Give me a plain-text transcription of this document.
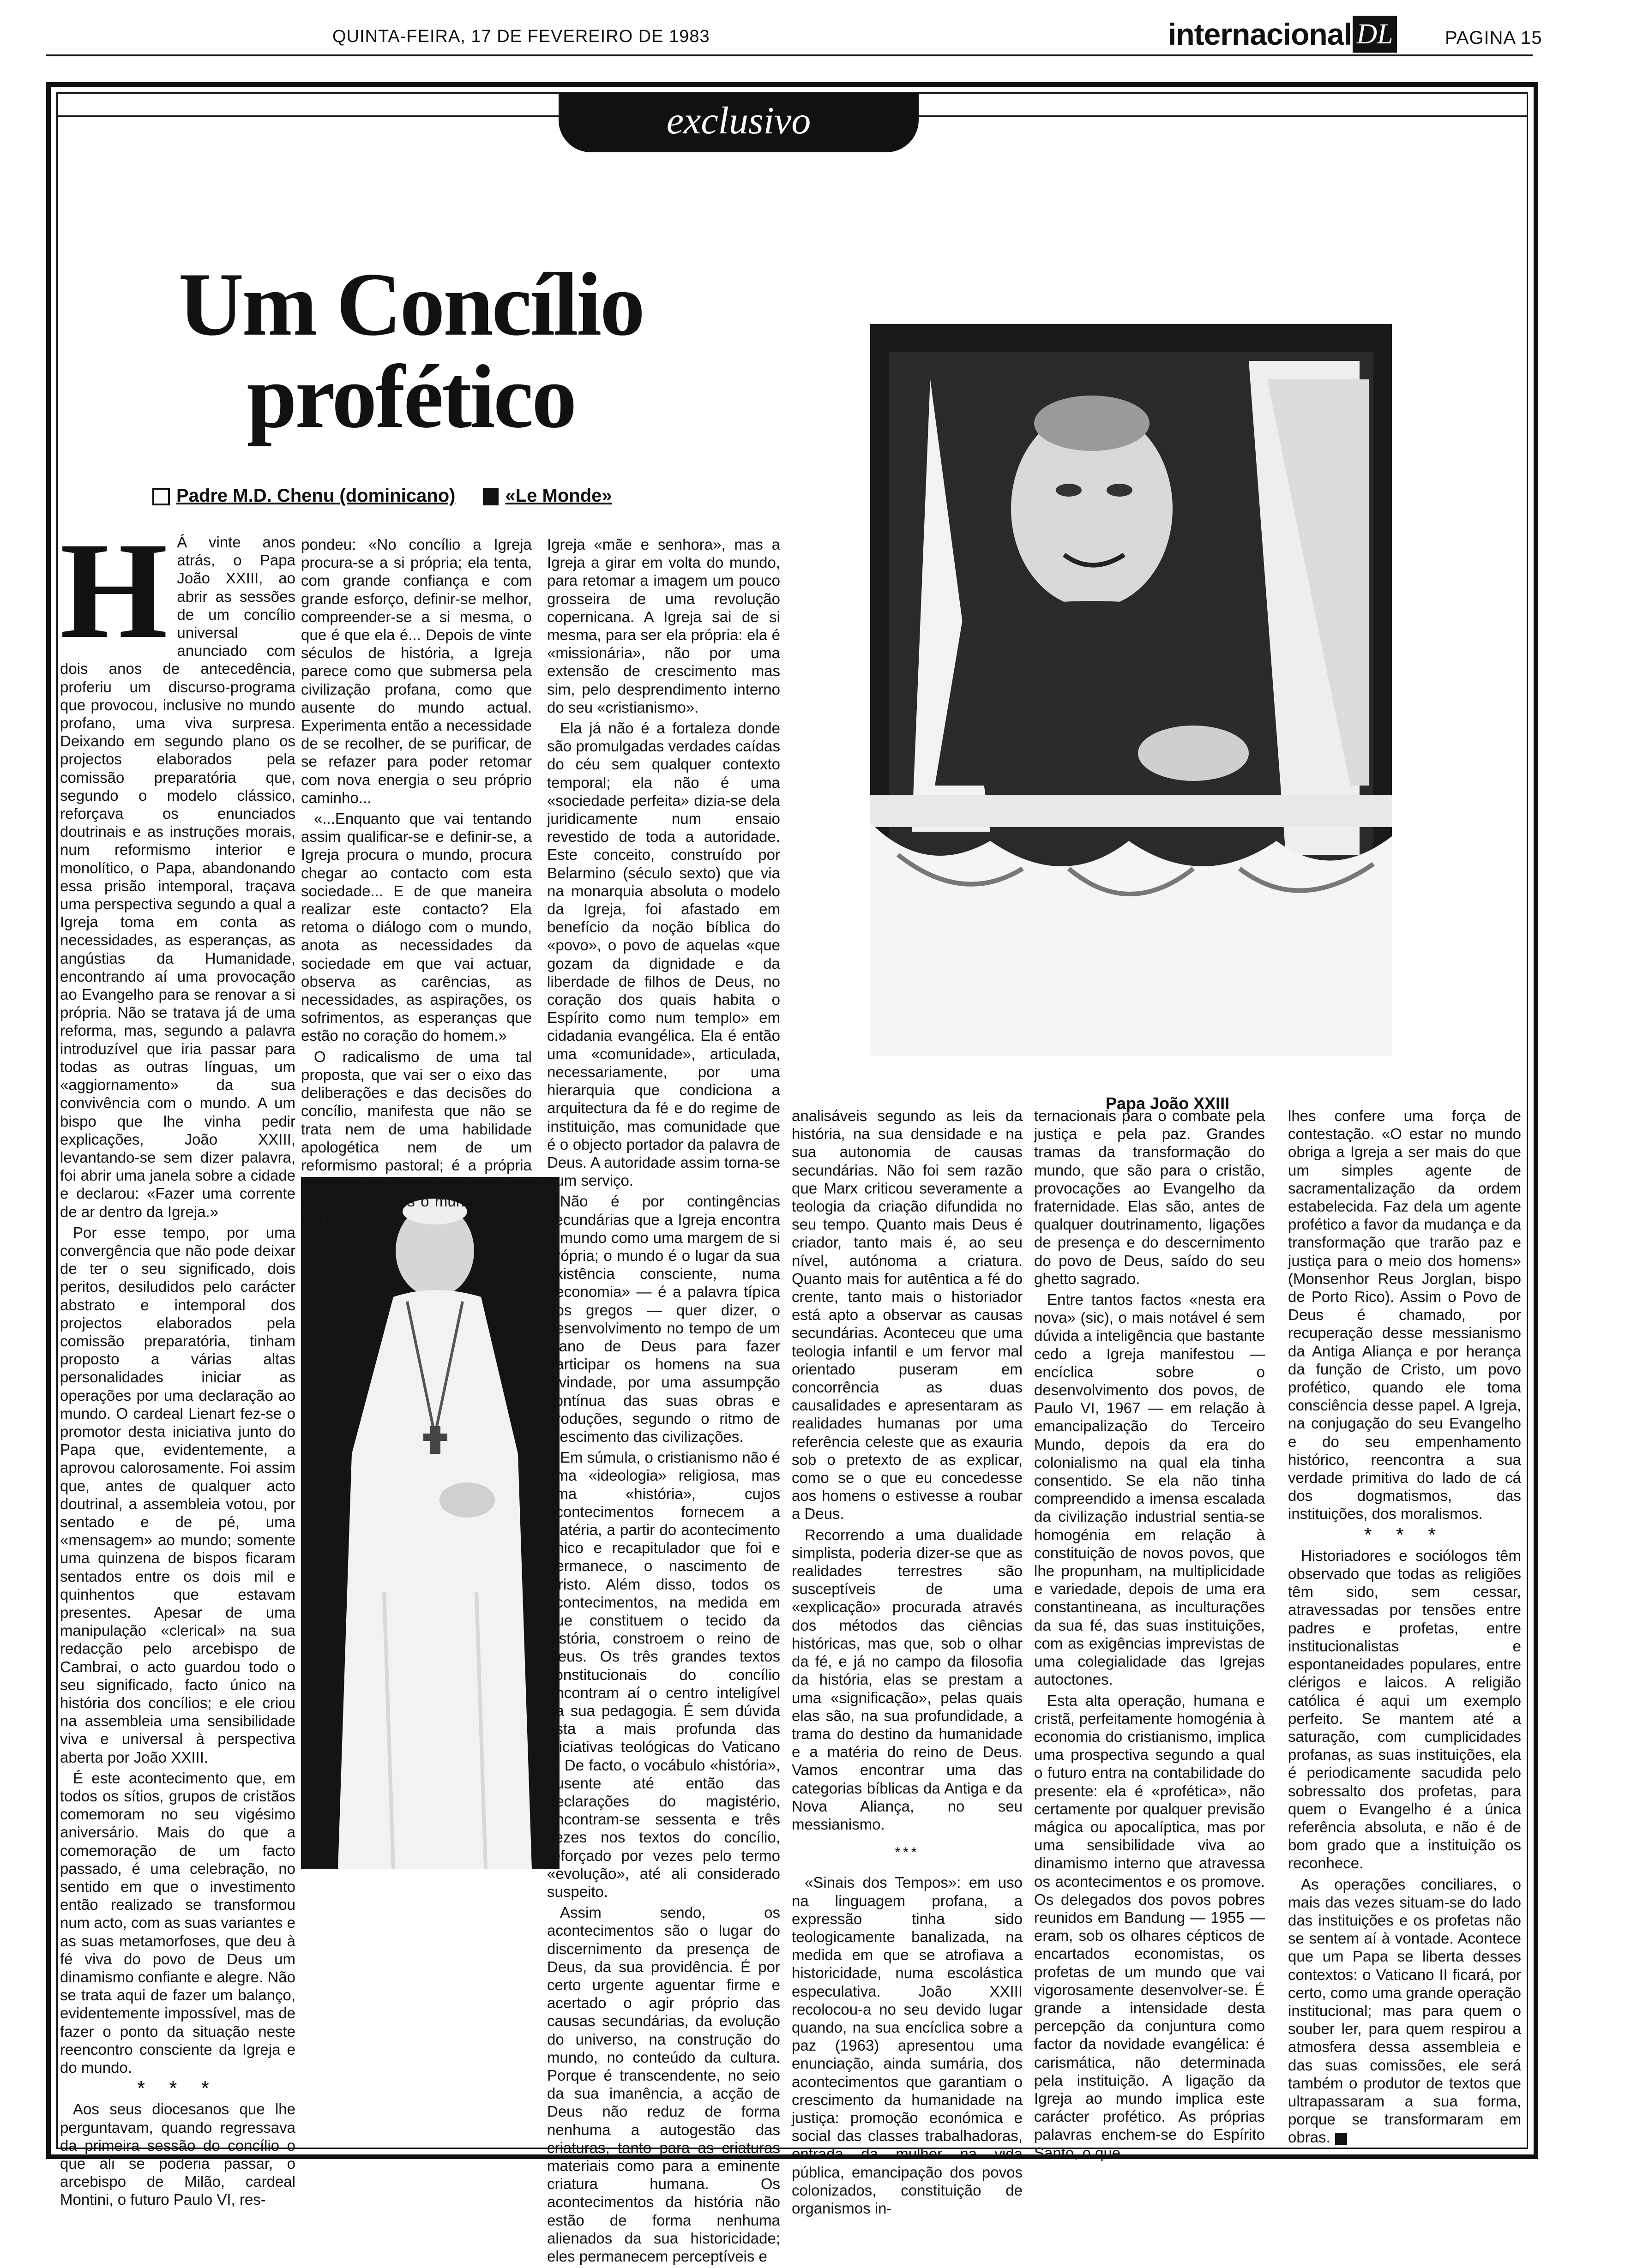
QUINTA-FEIRA, 17 DE FEVEREIRO DE 1983	internacional DL	PAGINA 15
exclusivo
Um Concílio
profético
Padre M.D. Chenu (dominicano)	«Le Monde»
Papa João XXIII

H Á vinte anos atrás, o Papa João XXIII, ao abrir as sessões de um concílio universal anunciado com dois anos de antecedência, proferiu um discurso-programa que provocou, inclusive no mundo profano, uma viva surpresa. Deixando em segundo plano os projectos elaborados pela comissão preparatória que, segundo o modelo clássico, reforçava os enunciados doutrinais e as instruções morais, num reformismo interior e monolítico, o Papa, abandonando essa prisão intemporal, traçava uma perspectiva segundo a qual a Igreja toma em conta as necessidades, as esperanças, as angústias da Humanidade, encontrando aí uma provocação ao Evangelho para se renovar a si própria. Não se tratava já de uma reforma, mas, segundo a palavra introduzível que iria passar para todas as outras línguas, um «aggiornamento» da sua convivência com o mundo. A um bispo que lhe vinha pedir explicações, João XXIII, levantando-se sem dizer palavra, foi abrir uma janela sobre a cidade e declarou: «Fazer uma corrente de ar dentro da Igreja.»

Por esse tempo, por uma convergência que não pode deixar de ter o seu significado, dois peritos, desiludidos pelo carácter abstrato e intemporal dos projectos elaborados pela comissão preparatória, tinham proposto a várias altas personalidades iniciar as operações por uma declaração ao mundo. O cardeal Lienart fez-se o promotor desta iniciativa junto do Papa que, evidentemente, a aprovou calorosamente. Foi assim que, antes de qualquer acto doutrinal, a assembleia votou, por sentado e de pé, uma «mensagem» ao mundo; somente uma quinzena de bispos ficaram sentados entre os dois mil e quinhentos que estavam presentes. Apesar de uma manipulação «clerical» na sua redacção pelo arcebispo de Cambrai, o acto guardou todo o seu significado, facto único na história dos concílios; e ele criou na assembleia uma sensibilidade viva e universal à perspectiva aberta por João XXIII.

É este acontecimento que, em todos os sítios, grupos de cristãos comemoram no seu vigésimo aniversário. Mais do que a comemoração de um facto passado, é uma celebração, no sentido em que o investimento então realizado se transformou num acto, com as suas variantes e as suas metamorfoses, que deu à fé viva do povo de Deus um dinamismo confiante e alegre. Não se trata aqui de fazer um balanço, evidentemente impossível, mas de fazer o ponto da situação neste reencontro consciente da Igreja e do mundo.

* * *

Aos seus diocesanos que lhe perguntavam, quando regressava da primeira sessão do concílio o que ali se poderia passar, o arcebispo de Milão, cardeal Montini, o futuro Paulo VI, res-

pondeu: «No concílio a Igreja procura-se a si própria; ela tenta, com grande confiança e com grande esforço, definir-se melhor, compreender-se a si mesma, o que é que ela é... Depois de vinte séculos de história, a Igreja parece como que submersa pela civilização profana, como que ausente do mundo actual. Experimenta então a necessidade de se recolher, de se purificar, de se refazer para poder retomar com nova energia o seu próprio caminho...

«...Enquanto que vai tentando assim qualificar-se e definir-se, a Igreja procura o mundo, procura chegar ao contacto com esta sociedade... E de que maneira realizar este contacto? Ela retoma o diálogo com o mundo, anota as necessidades da sociedade em que vai actuar, observa as carências, as necessidades, as aspirações, os sofrimentos, as esperanças que estão no coração do homem.»

O radicalismo de uma tal proposta, que vai ser o eixo das deliberações e das decisões do concílio, manifesta que não se trata nem de uma habilidade apologética nem de um reformismo pastoral; é a própria natureza da Igreja que está em causa; não mais o mundo a girar em torno da

Igreja «mãe e senhora», mas a Igreja a girar em volta do mundo, para retomar a imagem um pouco grosseira de uma revolução copernicana. A Igreja sai de si mesma, para ser ela própria: ela é «missionária», não por uma extensão de crescimento mas sim, pelo desprendimento interno do seu «cristianismo».

Ela já não é a fortaleza donde são promulgadas verdades caídas do céu sem qualquer contexto temporal; ela não é uma «sociedade perfeita» dizia-se dela juridicamente num ensaio revestido de toda a autoridade. Este conceito, construído por Belarmino (século sexto) que via na monarquia absoluta o modelo da Igreja, foi afastado em benefício da noção bíblica do «povo», o povo de aquelas «que gozam da dignidade e da liberdade de filhos de Deus, no coração dos quais habita o Espírito como num templo» em cidadania evangélica. Ela é então uma «comunidade», articulada, necessariamente, por uma hierarquia que condiciona a arquitectura da fé e do regime de instituição, mas comunidade que é o objecto portador da palavra de Deus. A autoridade assim torna-se num serviço.

Não é por contingências secundárias que a Igreja encontra o mundo como uma margem de si própria; o mundo é o lugar da sua existência consciente, numa «economia» — é a palavra típica dos gregos — quer dizer, o desenvolvimento no tempo de um plano de Deus para fazer participar os homens na sua divindade, por uma assumpção contínua das suas obras e produções, segundo o ritmo de crescimento das civilizações.

Em súmula, o cristianismo não é uma «ideologia» religiosa, mas uma «história», cujos acontecimentos fornecem a matéria, a partir do acontecimento único e recapitulador que foi e permanece, o nascimento de Cristo. Além disso, todos os acontecimentos, na medida em que constituem o tecido da história, constroem o reino de Deus. Os três grandes textos constitucionais do concílio encontram aí o centro inteligível da sua pedagogia. É sem dúvida esta a mais profunda das iniciativas teológicas do Vaticano II. De facto, o vocábulo «história», ausente até então das declarações do magistério, encontram-se sessenta e três vezes nos textos do concílio, reforçado por vezes pelo termo «evolução», até ali considerado suspeito.

Assim sendo, os acontecimentos são o lugar do discernimento da presença de Deus, da sua providência. É por certo urgente aguentar firme e acertado o agir próprio das causas secundárias, da evolução do universo, na construção do mundo, no conteúdo da cultura. Porque é transcendente, no seio da sua imanência, a acção de Deus não reduz de forma nenhuma a autogestão das criaturas, tanto para as criaturas materiais como para a eminente criatura humana. Os acontecimentos da história não estão de forma nenhuma alienados da sua historicidade; eles permanecem perceptíveis e

analisáveis segundo as leis da história, na sua densidade e na sua autonomia de causas secundárias. Não foi sem razão que Marx criticou severamente a teologia da criação difundida no seu tempo. Quanto mais Deus é criador, tanto mais é, ao seu nível, autónoma a criatura. Quanto mais for autêntica a fé do crente, tanto mais o historiador está apto a observar as causas secundárias. Aconteceu que uma teologia infantil e um fervor mal orientado puseram em concorrência as duas causalidades e apresentaram as realidades humanas por uma referência celeste que as exauria sob o pretexto de as explicar, como se o que eu concedesse aos homens o estivesse a roubar a Deus.

Recorrendo a uma dualidade simplista, poderia dizer-se que as realidades terrestres são susceptíveis de uma «explicação» procurada através dos métodos das ciências históricas, mas que, sob o olhar da fé, e já no campo da filosofia da história, elas se prestam a uma «significação», pelas quais elas são, na sua profundidade, a trama do destino da humanidade e a matéria do reino de Deus. Vamos encontrar uma das categorias bíblicas da Antiga e da Nova Aliança, no seu messianismo.

***

«Sinais dos Tempos»: em uso na linguagem profana, a expressão tinha sido teologicamente banalizada, na medida em que se atrofiava a historicidade, numa escolástica especulativa. João XXIII recolocou-a no seu devido lugar quando, na sua encíclica sobre a paz (1963) apresentou uma enunciação, ainda sumária, dos acontecimentos que garantiam o crescimento da humanidade na justiça: promoção económica e social das classes trabalhadoras, entrada da mulher na vida pública, emancipação dos povos colonizados, constituição de organismos in-

ternacionais para o combate pela justiça e pela paz. Grandes tramas da transformação do mundo, que são para o cristão, provocações ao Evangelho da fraternidade. Elas são, antes de qualquer doutrinamento, ligações de presença e do descernimento do povo de Deus, saído do seu ghetto sagrado.

Entre tantos factos «nesta era nova» (sic), o mais notável é sem dúvida a inteligência que bastante cedo a Igreja manifestou — encíclica sobre o desenvolvimento dos povos, de Paulo VI, 1967 — em relação à emancipalização do Terceiro Mundo, depois da era do colonialismo na qual ela tinha consentido. Se ela não tinha compreendido a imensa escalada da civilização industrial sentia-se homogénia em relação à constituição de novos povos, que lhe propunham, na multiplicidade e variedade, depois de uma era constantineana, as inculturações da sua fé, das suas instituições, com as exigências imprevistas de uma colegialidade das Igrejas autoctones.

Esta alta operação, humana e cristã, perfeitamente homogénia à economia do cristianismo, implica uma prospectiva segundo a qual o futuro entra na contabilidade do presente: ela é «profética», não certamente por qualquer previsão mágica ou apocalíptica, mas por uma sensibilidade viva ao dinamismo interno que atravessa os acontecimentos e os promove. Os delegados dos povos pobres reunidos em Bandung — 1955 — eram, sob os olhares cépticos de encartados economistas, os profetas de um mundo que vai vigorosamente desenvolver-se. É grande a intensidade desta percepção da conjuntura como factor da novidade evangélica: é carismática, não determinada pela instituição. A ligação da Igreja ao mundo implica este carácter profético. As próprias palavras enchem-se do Espírito Santo, o que

lhes confere uma força de contestação. «O estar no mundo obriga a Igreja a ser mais do que um simples agente de sacramentalização da ordem estabelecida. Faz dela um agente profético a favor da mudança e da transformação que trarão paz e justiça para o meio dos homens» (Monsenhor Reus Jorglan, bispo de Porto Rico). Assim o Povo de Deus é chamado, por recuperação desse messianismo da Antiga Aliança e por herança da função de Cristo, um povo profético, quando ele toma consciência desse papel. A Igreja, na conjugação do seu Evangelho e do seu empenhamento histórico, reencontra a sua verdade primitiva do lado de cá dos dogmatismos, das instituições, dos moralismos.

* * *

Historiadores e sociólogos têm observado que todas as religiões têm sido, sem cessar, atravessadas por tensões entre padres e profetas, entre institucionalistas e espontaneidades populares, entre clérigos e laicos. A religião católica é aqui um exemplo perfeito. Se mantem até a saturação, com cumplicidades profanas, as suas instituições, ela é periodicamente sacudida pelo sobressalto dos profetas, para quem o Evangelho é a única referência absoluta, e não é de bom grado que a instituição os reconhece.

As operações conciliares, o mais das vezes situam-se do lado das instituições e os profetas não se sentem aí à vontade. Acontece que um Papa se liberta desses contextos: o Vaticano II ficará, por certo, como uma grande operação institucional; mas para quem o souber ler, para quem respirou a atmosfera dessa assembleia e das suas comissões, ele será também o produtor de textos que ultrapassaram a sua forma, porque se transformaram em obras.
